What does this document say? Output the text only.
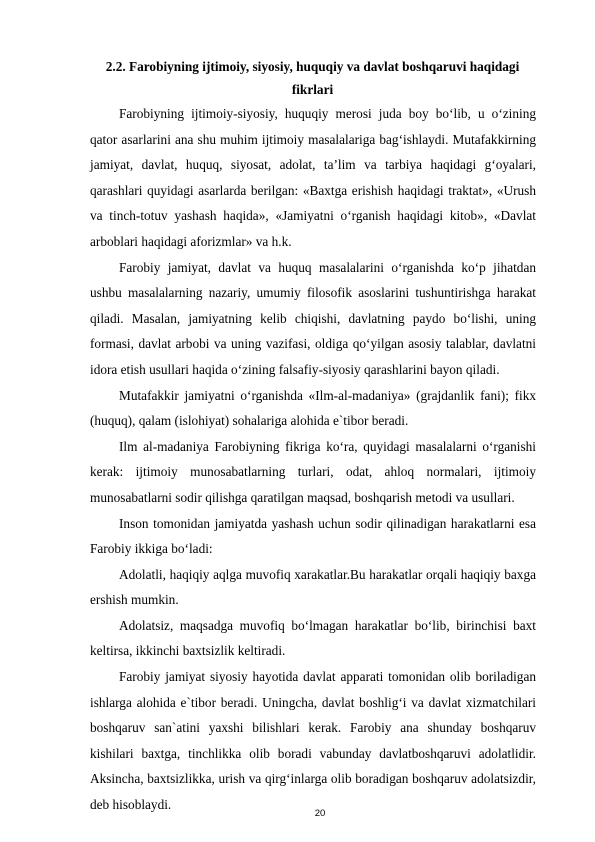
2.2. Farobiyning ijtimoiy, siyosiy, huquqiy va davlat boshqaruvi haqidagi fikrlari

Farobiyning ijtimoiy-siyosiy, huquqiy merosi juda boy bo‘lib, u o‘zining qator asarlarini ana shu muhim ijtimoiy masalalariga bag‘ishlaydi. Mutafakkirning jamiyat, davlat, huquq, siyosat, adolat, ta’lim va tarbiya haqidagi g‘oyalari, qarashlari quyidagi asarlarda berilgan: «Baxtga erishish haqidagi traktat», «Urush va tinch-totuv yashash haqida», «Jamiyatni o‘rganish haqidagi kitob», «Davlat arboblari haqidagi aforizmlar» va h.k.

Farobiy jamiyat, davlat va huquq masalalarini o‘rganishda ko‘p jihatdan ushbu masalalarning nazariy, umumiy filosofik asoslarini tushuntirishga harakat qiladi. Masalan, jamiyatning kelib chiqishi, davlatning paydo bo‘lishi, uning formasi, davlat arbobi va uning vazifasi, oldiga qo‘yilgan asosiy talablar, davlatni idora etish usullari haqida o‘zining falsafiy-siyosiy qarashlarini bayon qiladi.

Mutafakkir jamiyatni o‘rganishda «Ilm-al-madaniya» (grajdanlik fani); fikx (huquq), qalam (islohiyat) sohalariga alohida e`tibor beradi.

Ilm al-madaniya Farobiyning fikriga ko‘ra, quyidagi masalalarni o‘rganishi kerak: ijtimoiy munosabatlarning turlari, odat, ahloq normalari, ijtimoiy munosabatlarni sodir qilishga qaratilgan maqsad, boshqarish metodi va usullari.

Inson tomonidan jamiyatda yashash uchun sodir qilinadigan harakatlarni esa Farobiy ikkiga bo‘ladi:

Adolatli, haqiqiy aqlga muvofiq xarakatlar.Bu harakatlar orqali haqiqiy baxga ershish mumkin.

Adolatsiz, maqsadga muvofiq bo‘lmagan harakatlar bo‘lib, birinchisi baxt keltirsa, ikkinchi baxtsizlik keltiradi.

Farobiy jamiyat siyosiy hayotida davlat apparati tomonidan olib boriladigan ishlarga alohida e`tibor beradi. Uningcha, davlat boshlig‘i va davlat xizmatchilari boshqaruv san`atini yaxshi bilishlari kerak. Farobiy ana shunday boshqaruv kishilari baxtga, tinchlikka olib boradi vabunday davlatboshqaruvi adolatlidir. Aksincha, baxtsizlikka, urish va qirg‘inlarga olib boradigan boshqaruv adolatsizdir, deb hisoblaydi.

20
